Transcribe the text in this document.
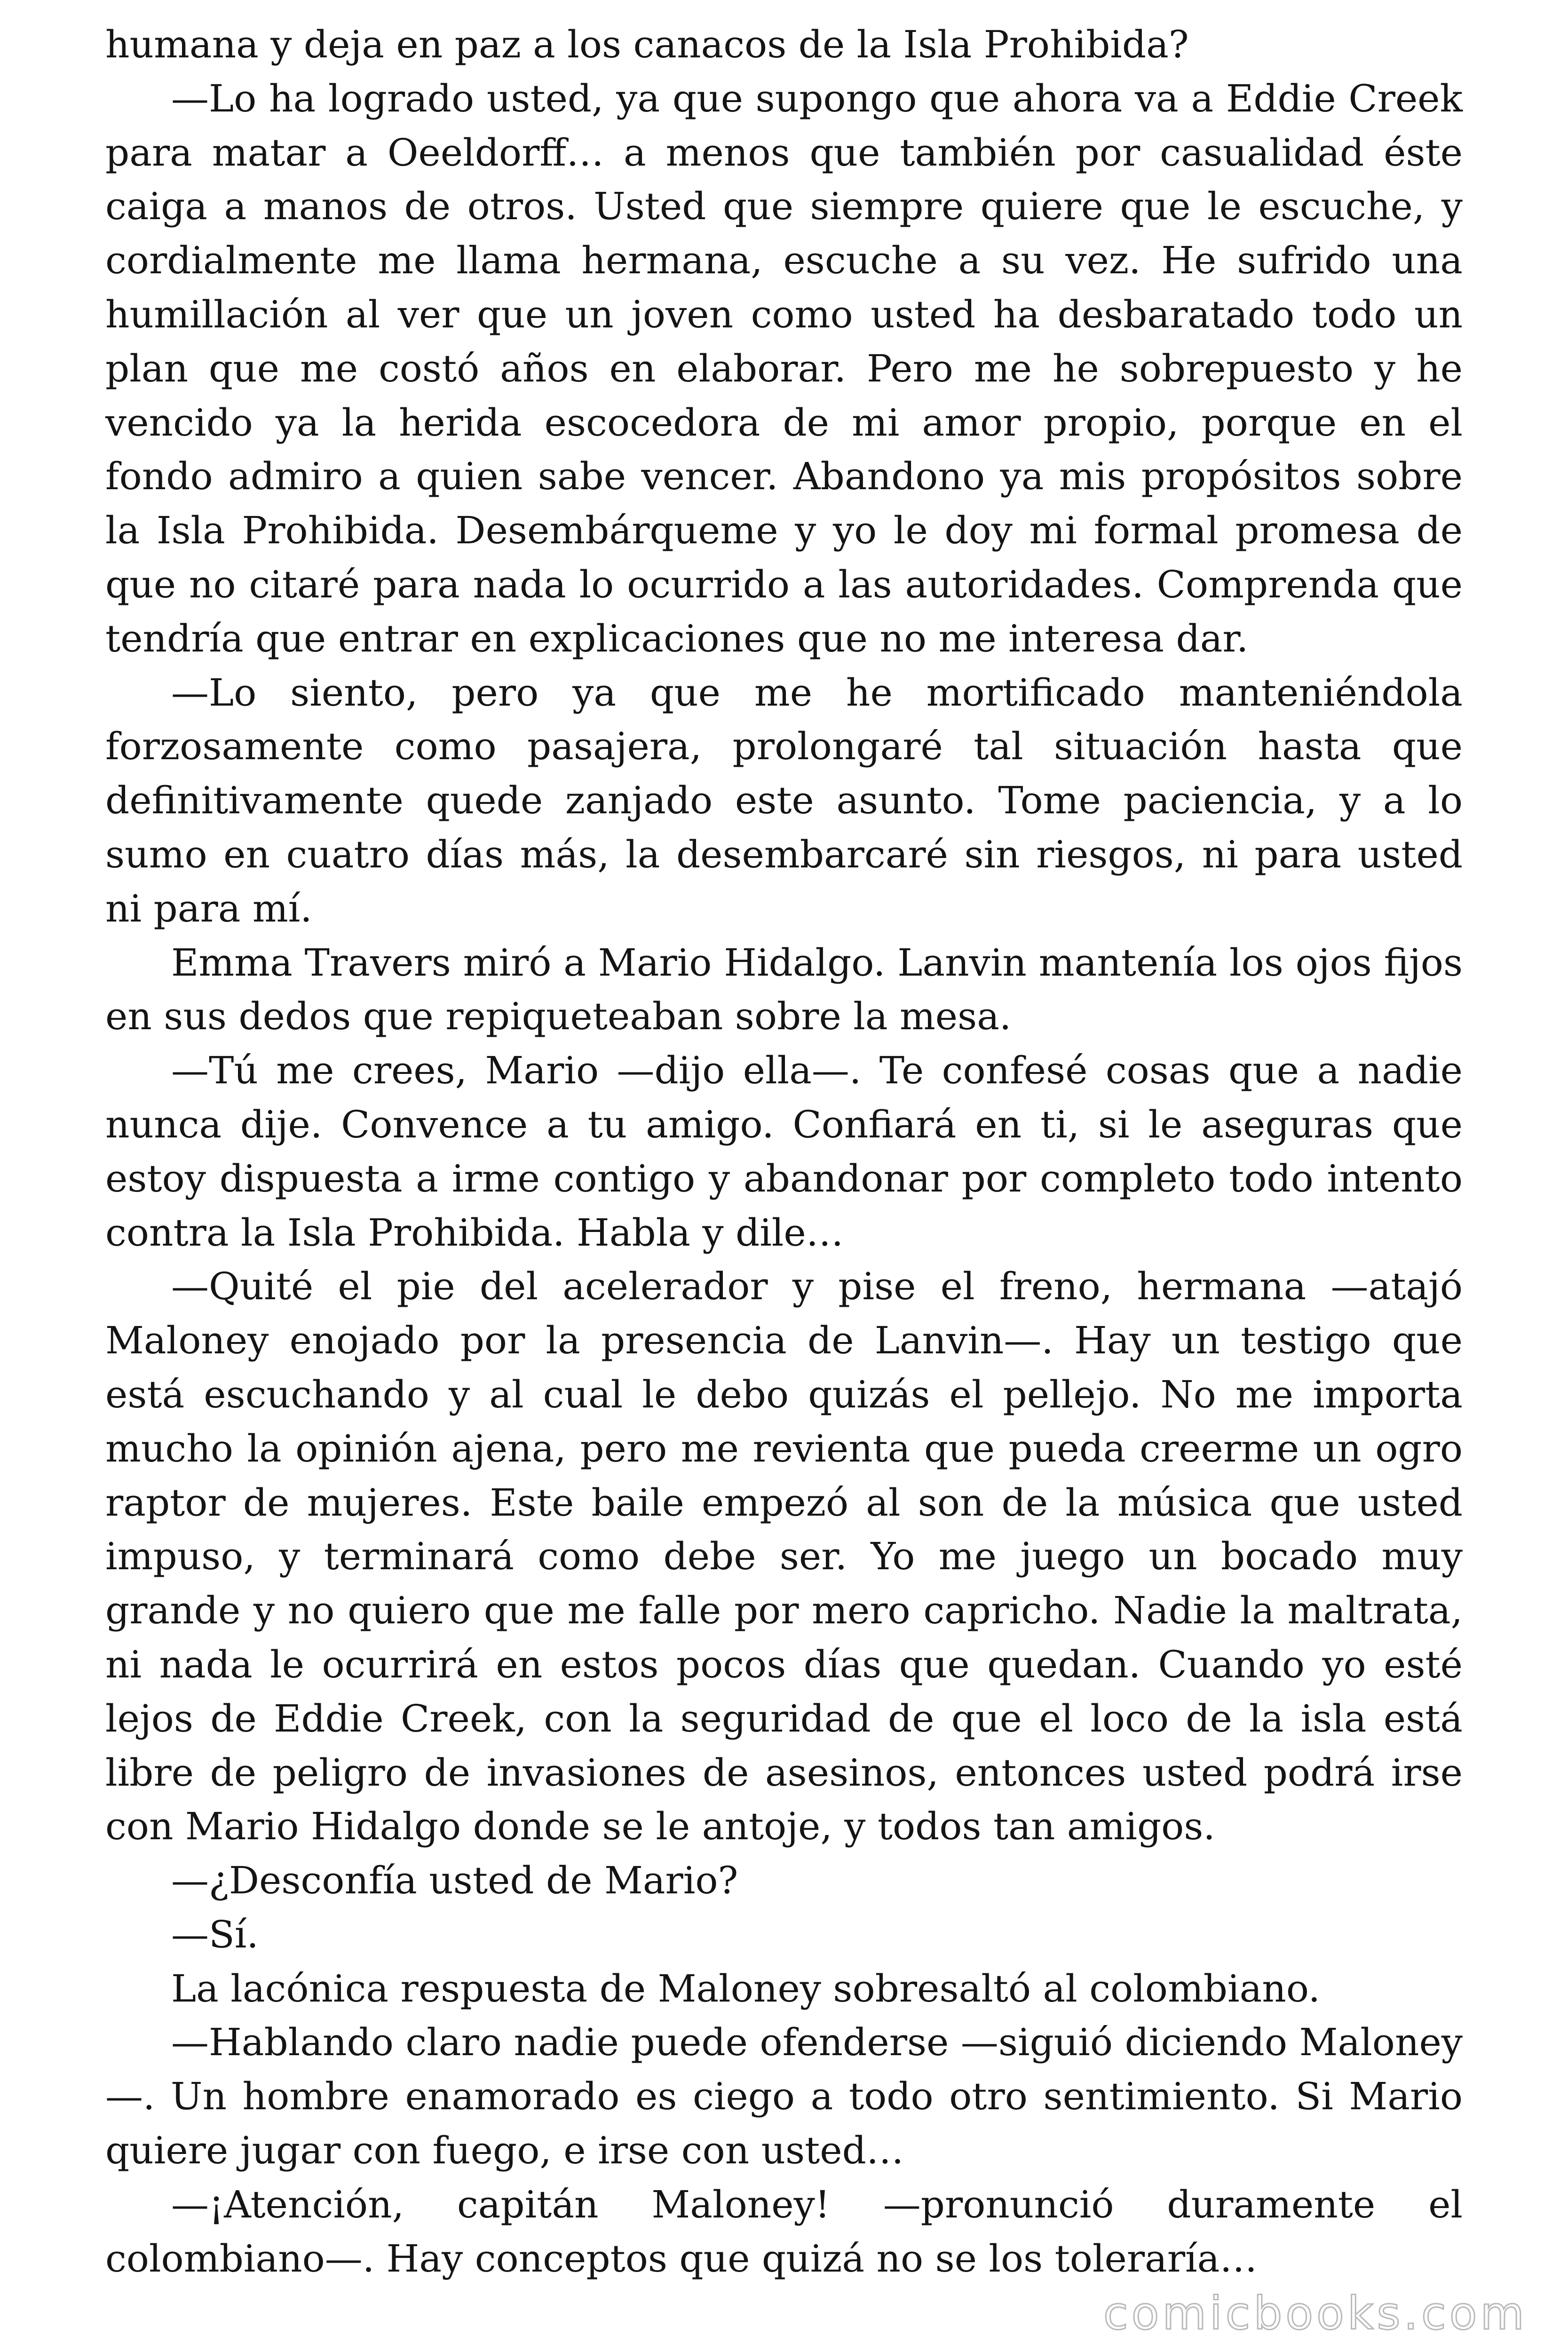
humana y deja en paz a los canacos de la Isla Prohibida?

—Lo ha logrado usted, ya que supongo que ahora va a Eddie Creek para matar a Oeeldorff… a menos que también por casualidad éste caiga a manos de otros. Usted que siempre quiere que le escuche, y cordialmente me llama hermana, escuche a su vez. He sufrido una humillación al ver que un joven como usted ha desbaratado todo un plan que me costó años en elaborar. Pero me he sobrepuesto y he vencido ya la herida escocedora de mi amor propio, porque en el fondo admiro a quien sabe vencer. Abandono ya mis propósitos sobre la Isla Prohibida. Desembárqueme y yo le doy mi formal promesa de que no citaré para nada lo ocurrido a las autoridades. Comprenda que tendría que entrar en explicaciones que no me interesa dar.

—Lo siento, pero ya que me he mortificado manteniéndola forzosamente como pasajera, prolongaré tal situación hasta que definitivamente quede zanjado este asunto. Tome paciencia, y a lo sumo en cuatro días más, la desembarcaré sin riesgos, ni para usted ni para mí.

Emma Travers miró a Mario Hidalgo. Lanvin mantenía los ojos fijos en sus dedos que repiqueteaban sobre la mesa.

—Tú me crees, Mario —dijo ella—. Te confesé cosas que a nadie nunca dije. Convence a tu amigo. Confiará en ti, si le aseguras que estoy dispuesta a irme contigo y abandonar por completo todo intento contra la Isla Prohibida. Habla y dile…

—Quité el pie del acelerador y pise el freno, hermana —atajó Maloney enojado por la presencia de Lanvin—. Hay un testigo que está escuchando y al cual le debo quizás el pellejo. No me importa mucho la opinión ajena, pero me revienta que pueda creerme un ogro raptor de mujeres. Este baile empezó al son de la música que usted impuso, y terminará como debe ser. Yo me juego un bocado muy grande y no quiero que me falle por mero capricho. Nadie la maltrata, ni nada le ocurrirá en estos pocos días que quedan. Cuando yo esté lejos de Eddie Creek, con la seguridad de que el loco de la isla está libre de peligro de invasiones de asesinos, entonces usted podrá irse con Mario Hidalgo donde se le antoje, y todos tan amigos.

—¿Desconfía usted de Mario?

—Sí.

La lacónica respuesta de Maloney sobresaltó al colombiano.

—Hablando claro nadie puede ofenderse —siguió diciendo Maloney—. Un hombre enamorado es ciego a todo otro sentimiento. Si Mario quiere jugar con fuego, e irse con usted…

—¡Atención, capitán Maloney! —pronunció duramente el colombiano—. Hay conceptos que quizá no se los toleraría…

comicbooks.com
